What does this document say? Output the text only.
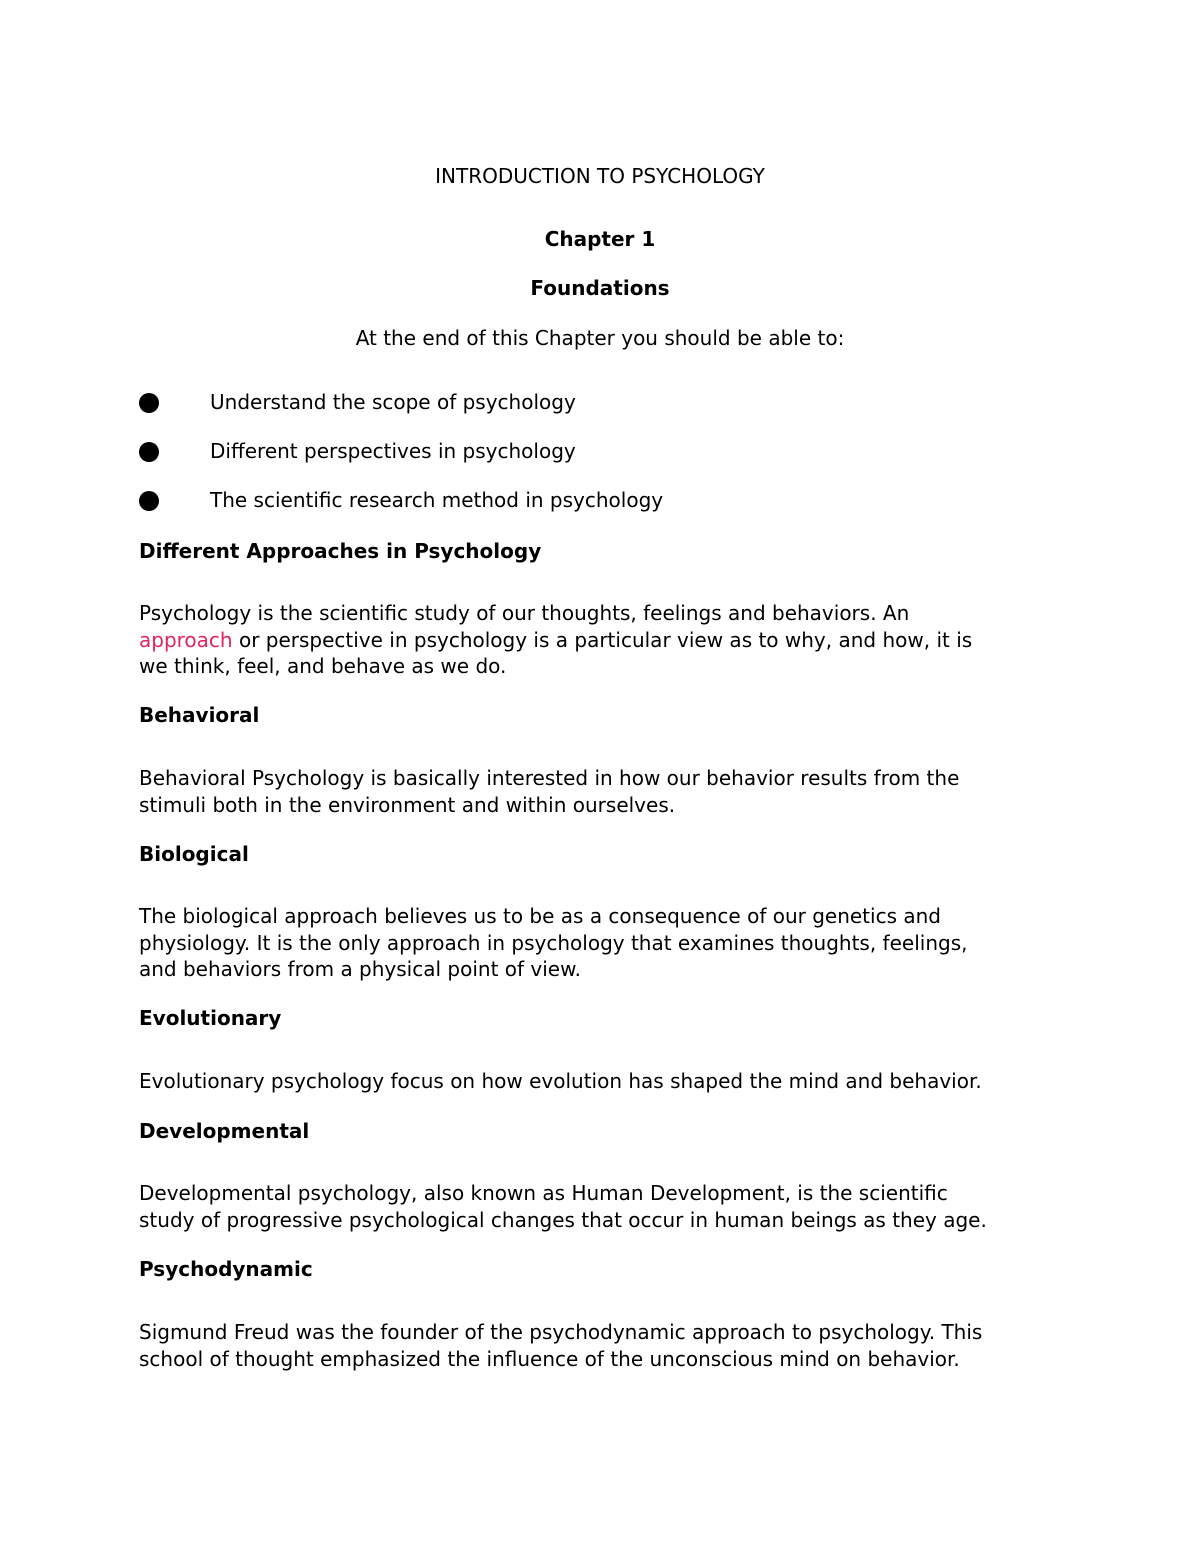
INTRODUCTION TO PSYCHOLOGY
Chapter 1
Foundations
At the end of this Chapter you should be able to:
Understand the scope of psychology
Different perspectives in psychology
The scientific research method in psychology
Different Approaches in Psychology
Psychology is the scientific study of our thoughts, feelings and behaviors. An
approach or perspective in psychology is a particular view as to why, and how, it is
we think, feel, and behave as we do.
Behavioral
Behavioral Psychology is basically interested in how our behavior results from the
stimuli both in the environment and within ourselves.
Biological
The biological approach believes us to be as a consequence of our genetics and
physiology. It is the only approach in psychology that examines thoughts, feelings,
and behaviors from a physical point of view.
Evolutionary
Evolutionary psychology focus on how evolution has shaped the mind and behavior.
Developmental
Developmental psychology, also known as Human Development, is the scientific
study of progressive psychological changes that occur in human beings as they age.
Psychodynamic
Sigmund Freud was the founder of the psychodynamic approach to psychology. This
school of thought emphasized the influence of the unconscious mind on behavior.
